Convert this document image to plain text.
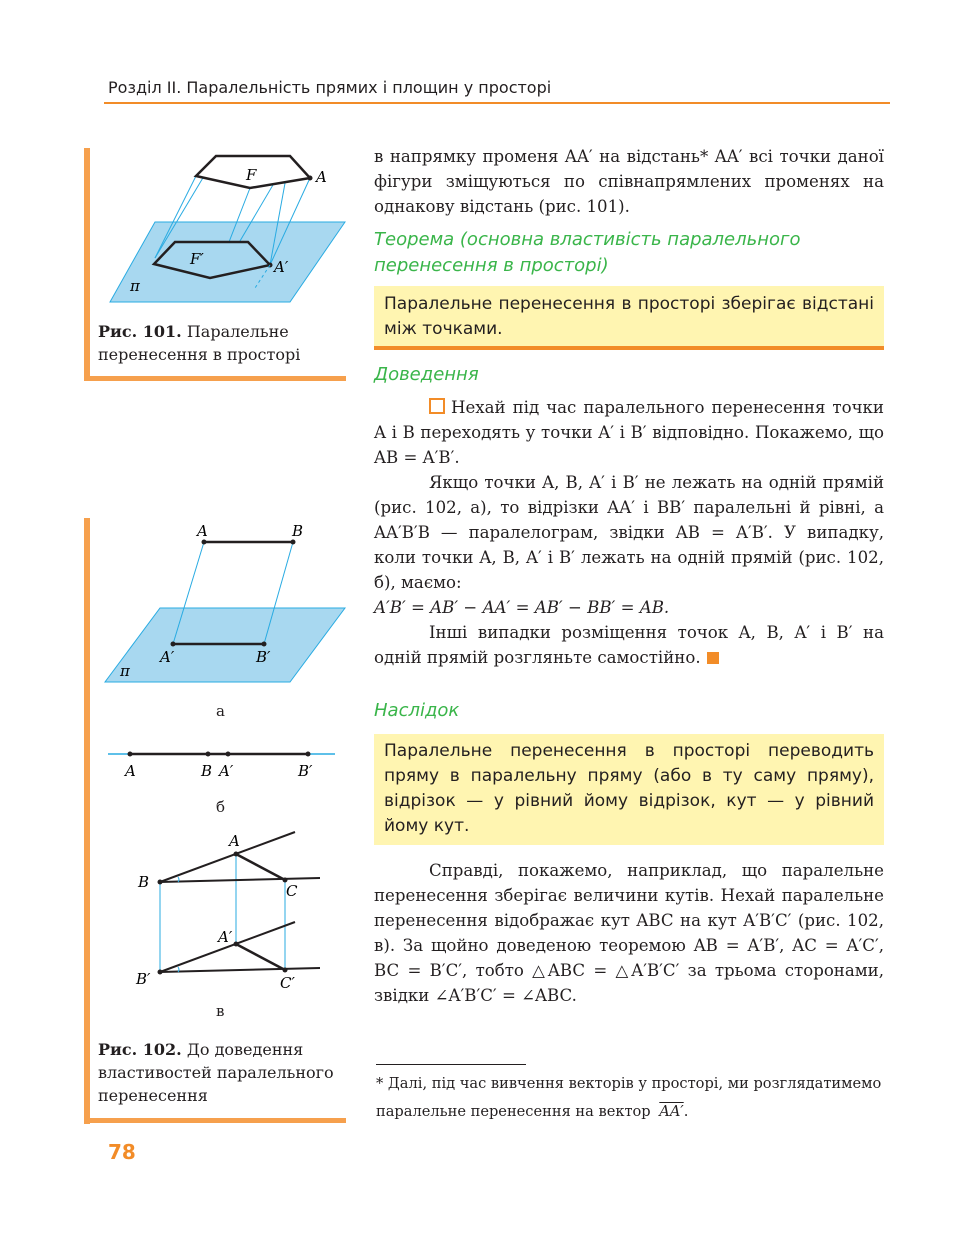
Розділ ІІ. Паралельність прямих і площин у просторі
F	A
F′	A′
π
Рис. 101. Паралельне перенесення в просторі
A	B
A′	B′
π
а
A	B A′	B′
б
A
B	C
A′
B′	C′
в
Рис. 102. До доведення властивостей паралельного перенесення

в напрямку променя AA′ на відстань* AA′ всі точки даної фігури зміщуються по співнапрямлених променях на однакову відстань (рис. 101).

Теорема (основна властивість паралельного перенесення в просторі)
Паралельне перенесення в просторі зберігає відстані між точками.
Доведення

Нехай під час паралельного перенесення точки A і B переходять у точки A′ і B′ відповідно. Покажемо, що AB = A′B′.

Якщо точки A, B, A′ і B′ не лежать на одній прямій (рис. 102, а), то відрізки AA′ і BB′ паралельні й рівні, а AA′B′B — паралелограм, звідки AB = A′B′. У випадку, коли точки A, B, A′ і B′ лежать на одній прямій (рис. 102, б), маємо:

A′B′ = AB′ − AA′ = AB′ − BB′ = AB.

Інші випадки розміщення точок A, B, A′ і B′ на одній прямій розгляньте самостійно.

Наслідок
Паралельне перенесення в просторі переводить пряму в паралельну пряму (або в ту саму пряму), відрізок — у рівний йому відрізок, кут — у рівний йому кут.

Справді, покажемо, наприклад, що паралельне перенесення зберігає величини кутів. Нехай паралельне перенесення відображає кут ABC на кут A′B′C′ (рис. 102, в). За щойно доведеною теоремою AB = A′B′, AC = A′C′, BC = B′C′, тобто △ABC = △A′B′C′ за трьома сторонами, звідки ∠A′B′C′ = ∠ABC.

* Далі, під час вивчення векторів у просторі, ми розглядатимемо паралельне перенесення на вектор AA′.
78
